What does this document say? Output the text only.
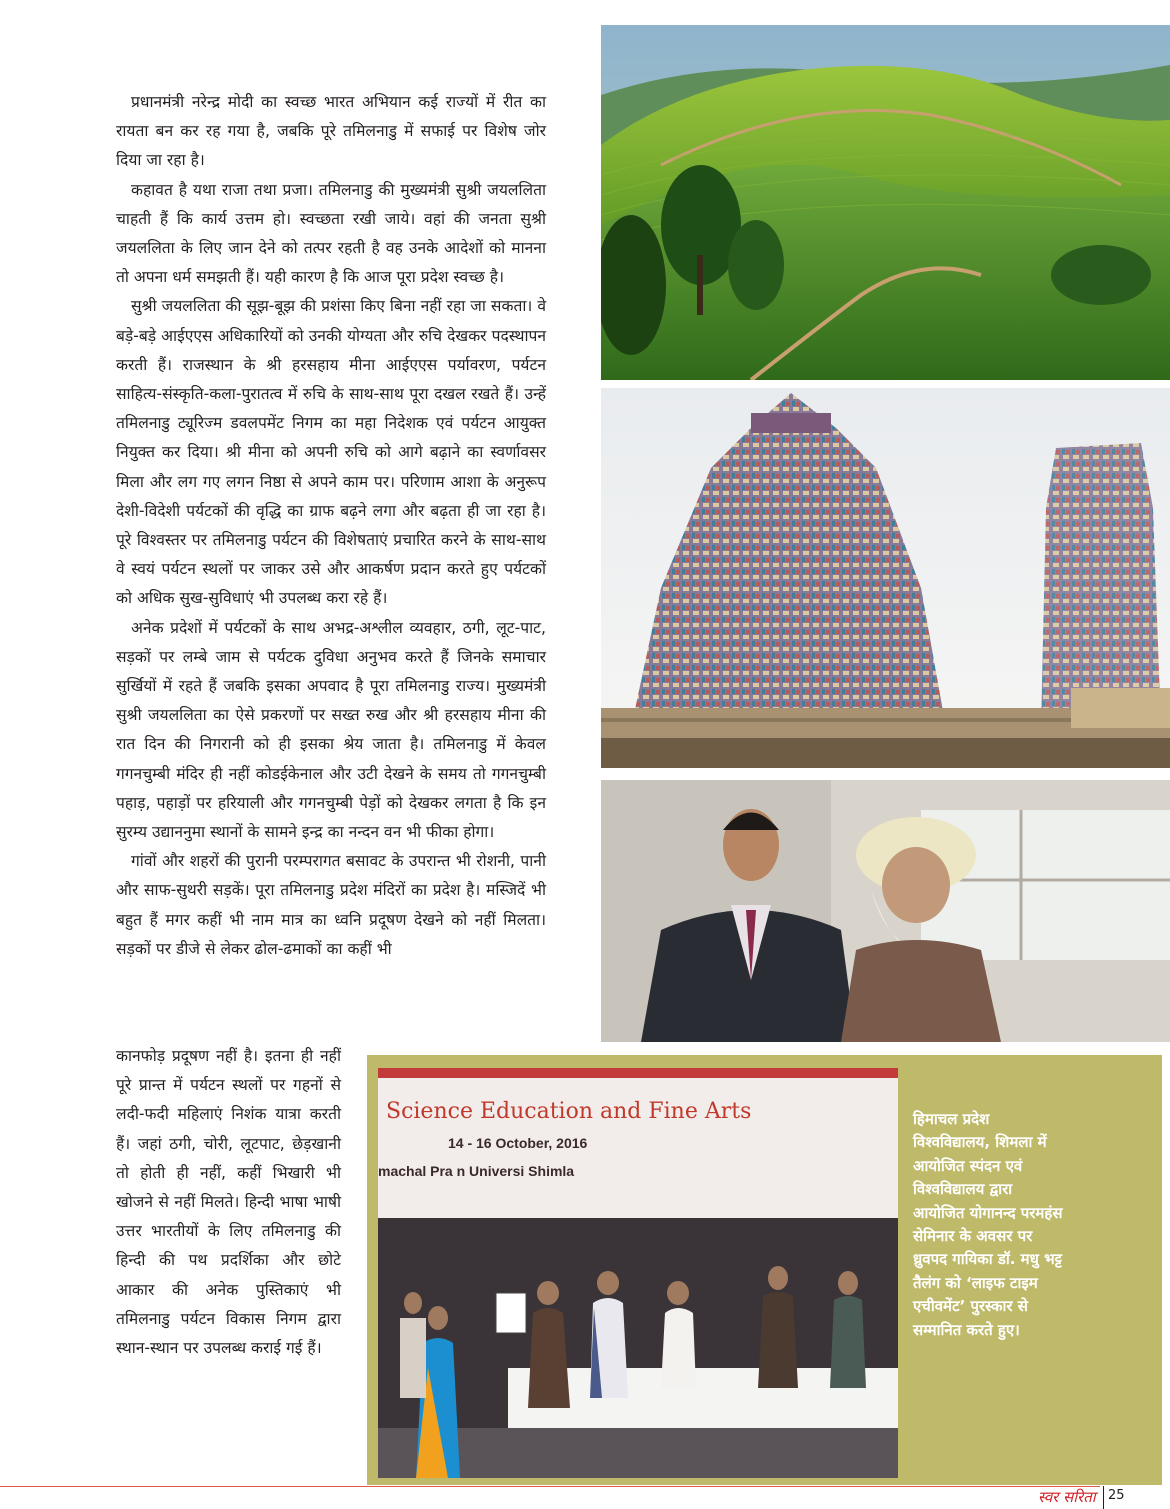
प्रधानमंत्री नरेन्द्र मोदी का स्वच्छ भारत अभियान कई राज्यों में रीत का रायता बन कर रह गया है, जबकि पूरे तमिलनाडु में सफाई पर विशेष जोर दिया जा रहा है।

कहावत है यथा राजा तथा प्रजा। तमिलनाडु की मुख्यमंत्री सुश्री जयललिता चाहती हैं कि कार्य उत्तम हो। स्वच्छता रखी जाये। वहां की जनता सुश्री जयललिता के लिए जान देने को तत्पर रहती है वह उनके आदेशों को मानना तो अपना धर्म समझती हैं। यही कारण है कि आज पूरा प्रदेश स्वच्छ है।

सुश्री जयललिता की सूझ-बूझ की प्रशंसा किए बिना नहीं रहा जा सकता। वे बड़े-बड़े आईएएस अधिकारियों को उनकी योग्यता और रुचि देखकर पदस्थापन करती हैं। राजस्थान के श्री हरसहाय मीना आईएएस पर्यावरण, पर्यटन साहित्य-संस्कृति-कला-पुरातत्व में रुचि के साथ-साथ पूरा दखल रखते हैं। उन्हें तमिलनाडु ट्यूरिज्म डवलपमेंट निगम का महा निदेशक एवं पर्यटन आयुक्त नियुक्त कर दिया। श्री मीना को अपनी रुचि को आगे बढ़ाने का स्वर्णावसर मिला और लग गए लगन निष्ठा से अपने काम पर। परिणाम आशा के अनुरूप देशी-विदेशी पर्यटकों की वृद्धि का ग्राफ बढ़ने लगा और बढ़ता ही जा रहा है। पूरे विश्वस्तर पर तमिलनाडु पर्यटन की विशेषताएं प्रचारित करने के साथ-साथ वे स्वयं पर्यटन स्थलों पर जाकर उसे और आकर्षण प्रदान करते हुए पर्यटकों को अधिक सुख-सुविधाएं भी उपलब्ध करा रहे हैं।

अनेक प्रदेशों में पर्यटकों के साथ अभद्र-अश्लील व्यवहार, ठगी, लूट-पाट, सड़कों पर लम्बे जाम से पर्यटक दुविधा अनुभव करते हैं जिनके समाचार सुर्खियों में रहते हैं जबकि इसका अपवाद है पूरा तमिलनाडु राज्य। मुख्यमंत्री सुश्री जयललिता का ऐसे प्रकरणों पर सख्त रुख और श्री हरसहाय मीना की रात दिन की निगरानी को ही इसका श्रेय जाता है। तमिलनाडु में केवल गगनचुम्बी मंदिर ही नहीं कोडईकेनाल और उटी देखने के समय तो गगनचुम्बी पहाड़, पहाड़ों पर हरियाली और गगनचुम्बी पेड़ों को देखकर लगता है कि इन सुरम्य उद्याननुमा स्थानों के सामने इन्द्र का नन्दन वन भी फीका होगा।

गांवों और शहरों की पुरानी परम्परागत बसावट के उपरान्त भी रोशनी, पानी और साफ-सुथरी सड़कें। पूरा तमिलनाडु प्रदेश मंदिरों का प्रदेश है। मस्जिदें भी बहुत हैं मगर कहीं भी नाम मात्र का ध्वनि प्रदूषण देखने को नहीं मिलता। सड़कों पर डीजे से लेकर ढोल-ढमाकों का कहीं भी

कानफोड़ प्रदूषण नहीं है। इतना ही नहीं पूरे प्रान्त में पर्यटन स्थलों पर गहनों से लदी-फदी महिलाएं निशंक यात्रा करती हैं। जहां ठगी, चोरी, लूटपाट, छेड़खानी तो होती ही नहीं, कहीं भिखारी भी खोजने से नहीं मिलते। हिन्दी भाषा भाषी उत्तर भारतीयों के लिए तमिलनाडु की हिन्दी की पथ प्रदर्शिका और छोटे आकार की अनेक पुस्तिकाएं भी तमिलनाडु पर्यटन विकास निगम द्वारा स्थान-स्थान पर उपलब्ध कराई गई हैं।

Science Education and Fine Arts
14 - 16 October, 2016
machal Pra n Universi Shimla

हिमाचल प्रदेश विश्वविद्यालय, शिमला में आयोजित स्पंदन एवं विश्वविद्यालय द्वारा आयोजित योगानन्द परमहंस सेमिनार के अवसर पर ध्रुवपद गायिका डॉ. मधु भट्ट तैलंग को ‘लाइफ टाइम एचीवमेंट’ पुरस्कार से सम्मानित करते हुए।

स्वर सरिता 25
